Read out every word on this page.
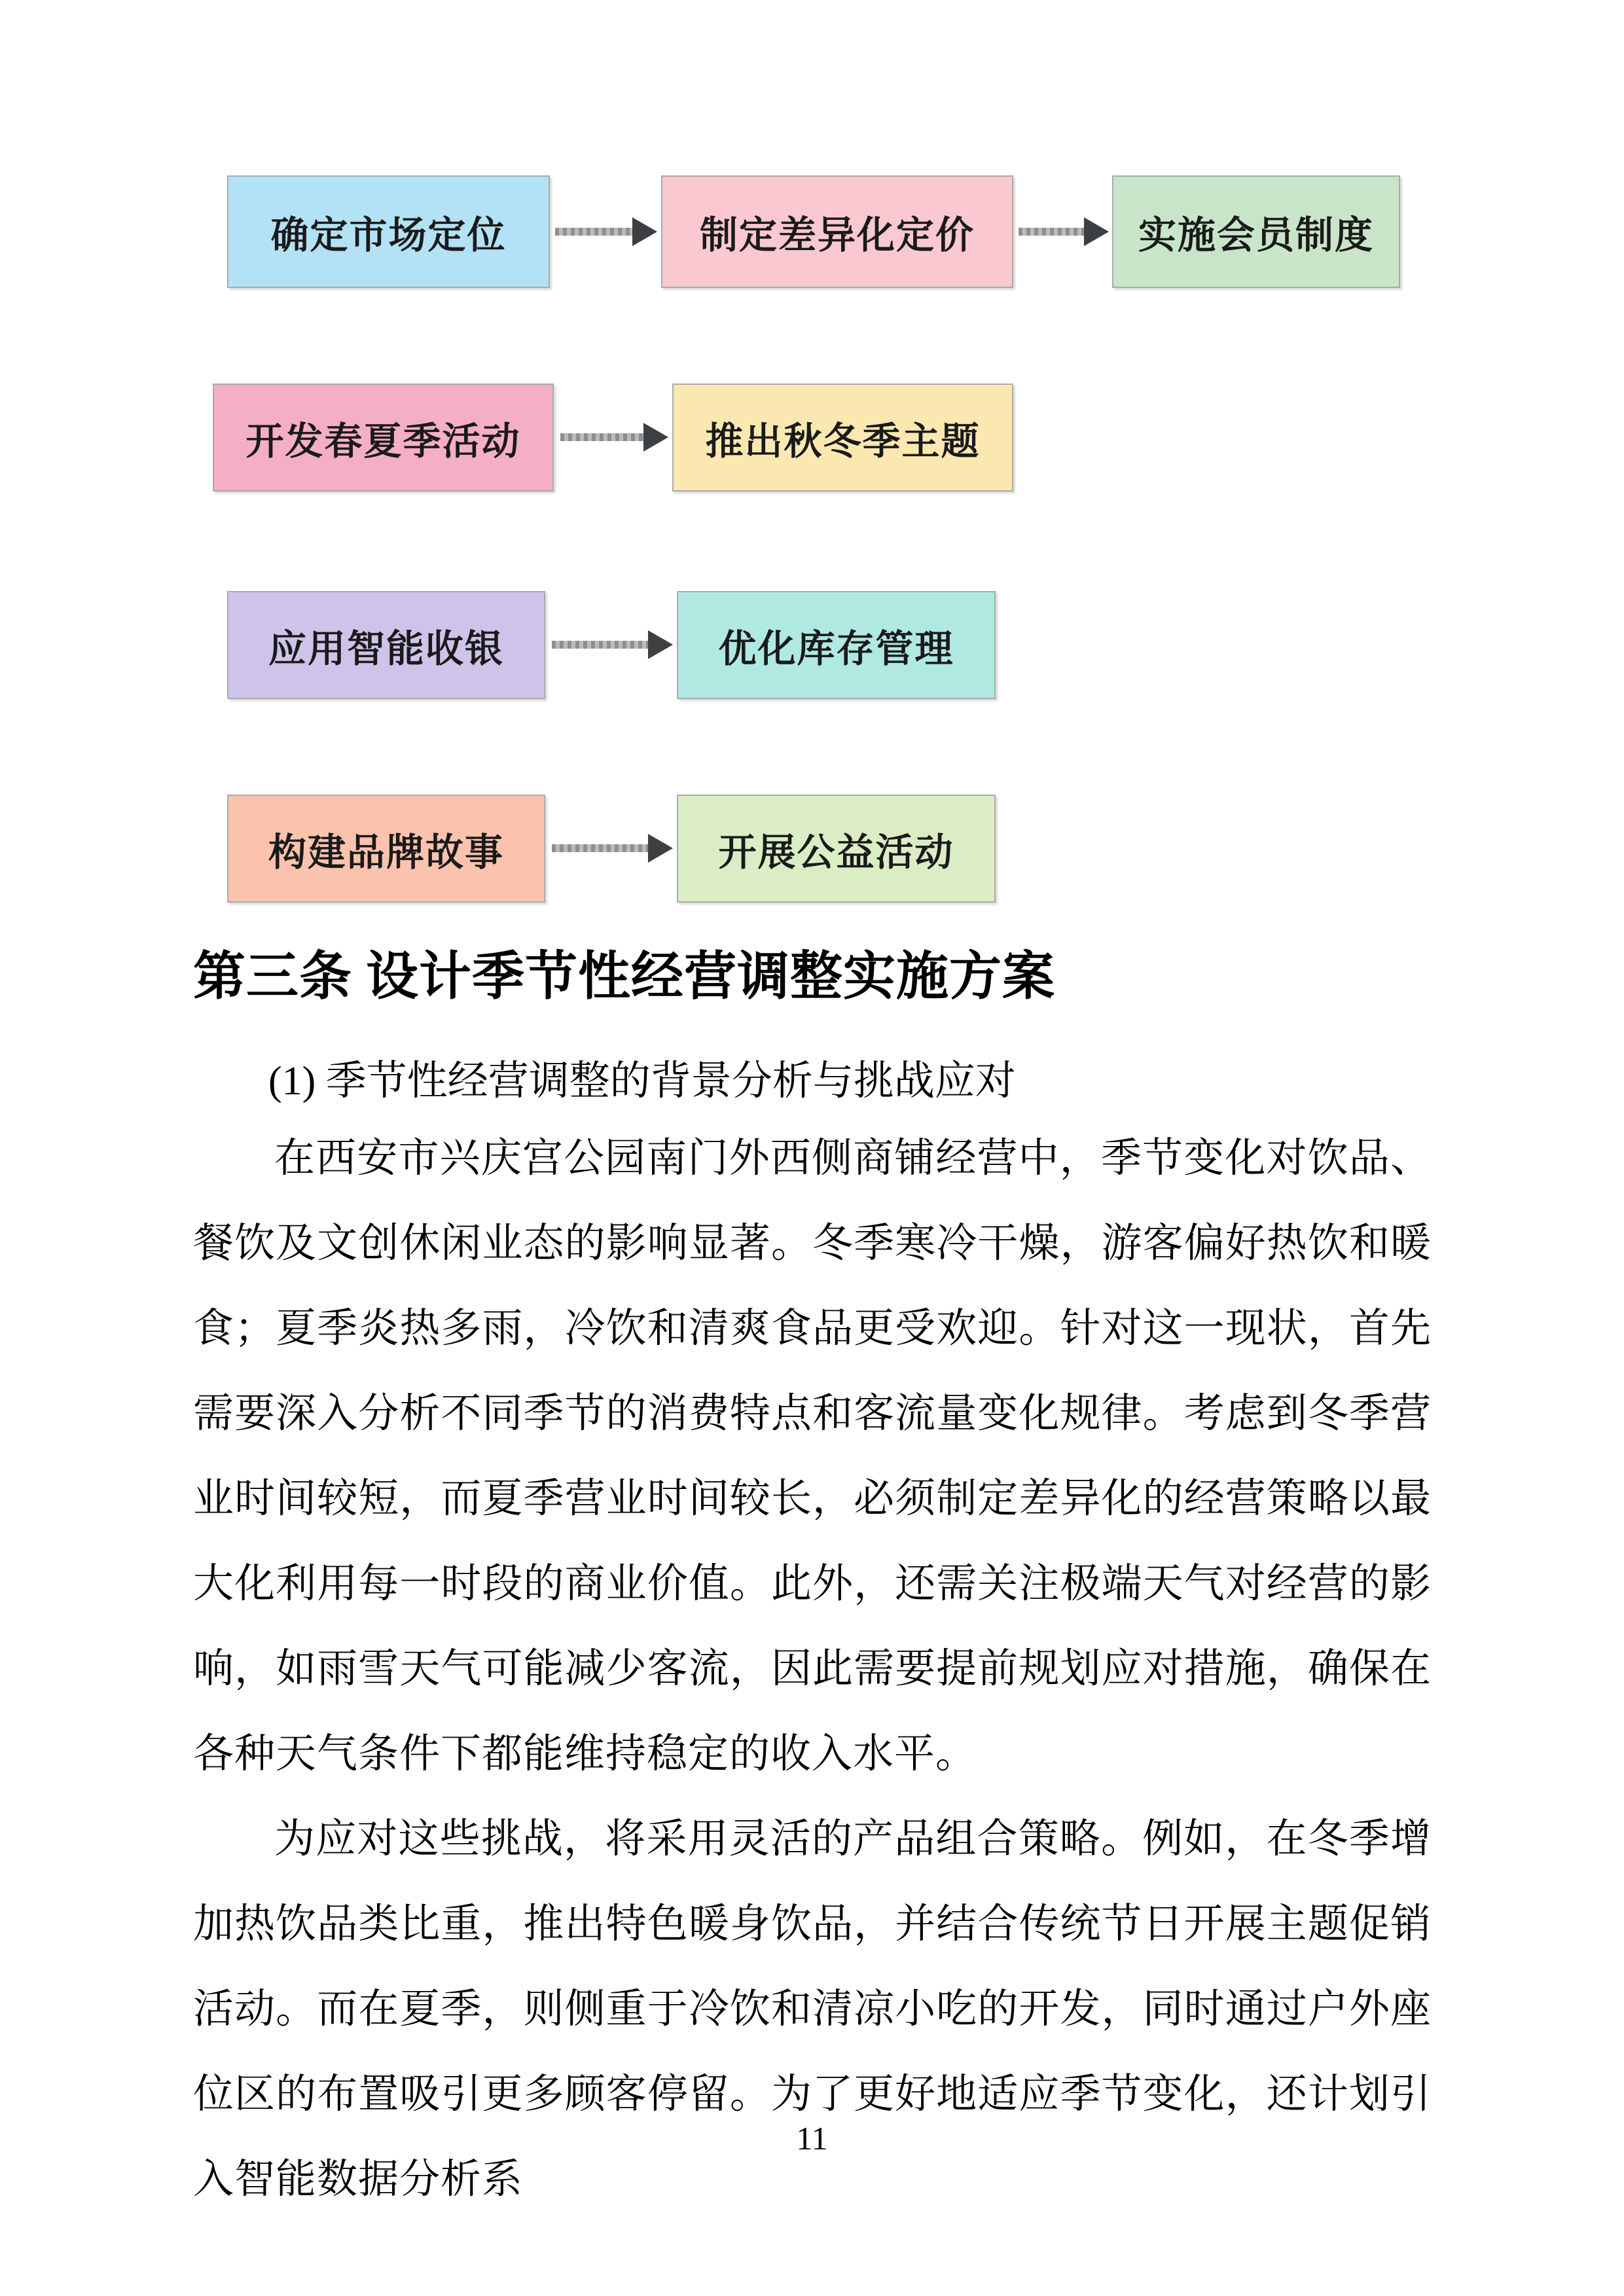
确定市场定位	制定差异化定价	实施会员制度
开发春夏季活动	推出秋冬季主题
应用智能收银	优化库存管理
构建品牌故事	开展公益活动
第三条 设计季节性经营调整实施方案
(1) 季节性经营调整的背景分析与挑战应对

在西安市兴庆宫公园南门外西侧商铺经营中，季节变化对饮品、餐饮及文创休闲业态的影响显著。冬季寒冷干燥，游客偏好热饮和暖食；夏季炎热多雨，冷饮和清爽食品更受欢迎。针对这一现状，首先需要深入分析不同季节的消费特点和客流量变化规律。考虑到冬季营业时间较短，而夏季营业时间较长，必须制定差异化的经营策略以最大化利用每一时段的商业价值。此外，还需关注极端天气对经营的影响，如雨雪天气可能减少客流，因此需要提前规划应对措施，确保在各种天气条件下都能维持稳定的收入水平。

为应对这些挑战，将采用灵活的产品组合策略。例如，在冬季增加热饮品类比重，推出特色暖身饮品，并结合传统节日开展主题促销活动。而在夏季，则侧重于冷饮和清凉小吃的开发，同时通过户外座位区的布置吸引更多顾客停留。为了更好地适应季节变化，还计划引入智能数据分析系

11
